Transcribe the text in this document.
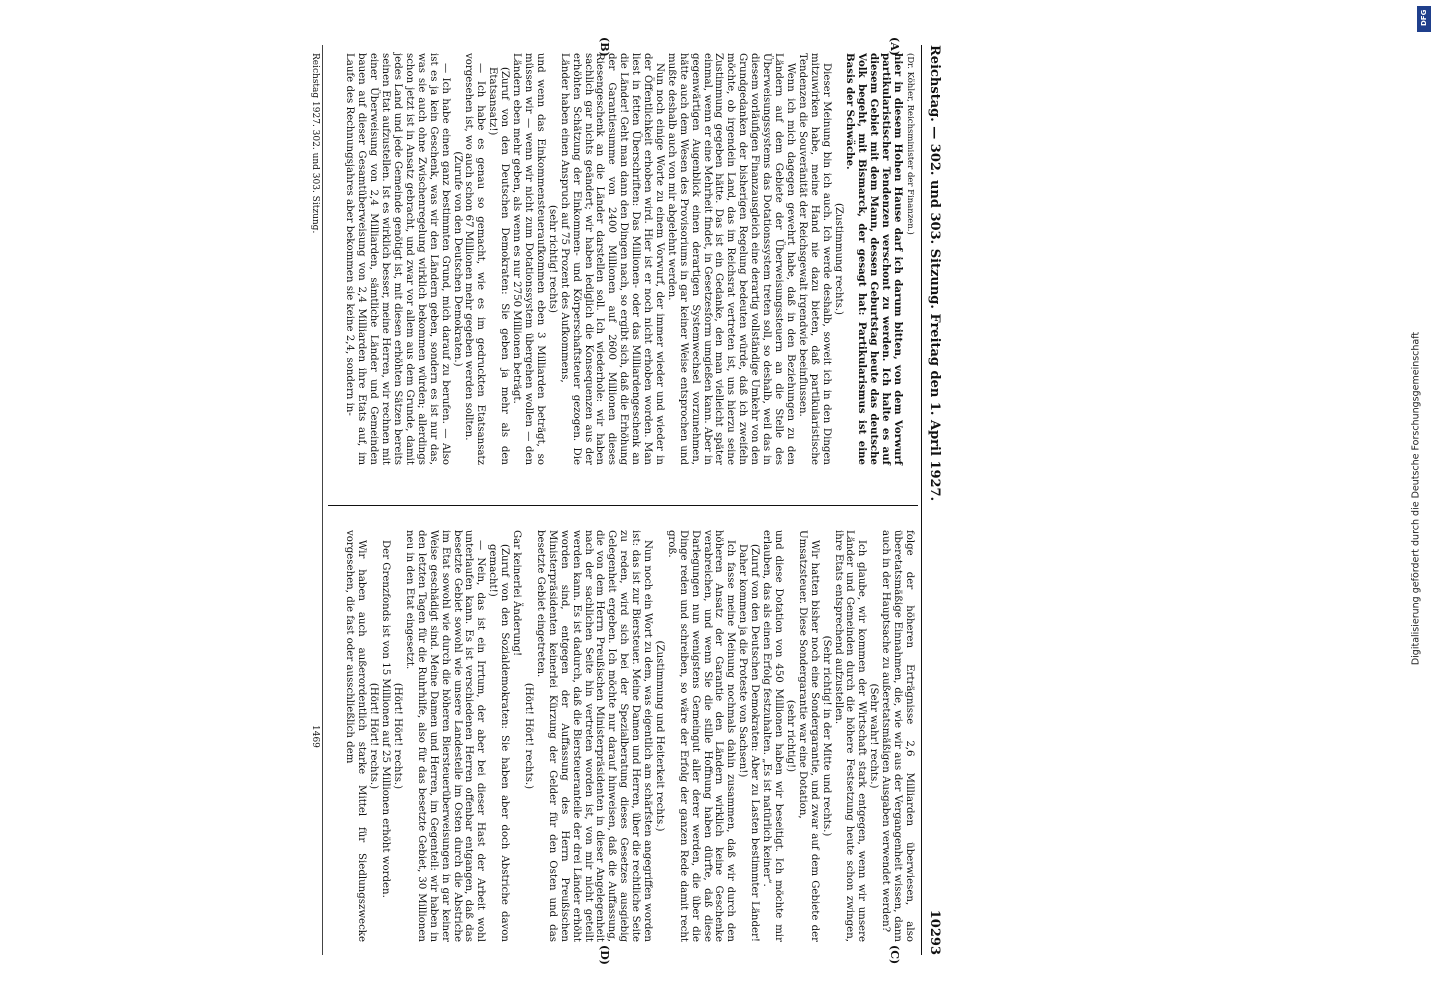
Reichstag. — 302. und 303. Sitzung. Freitag den 1. April 1927.
10293
(A)
(B)
(C)
(D)

(Dr. Köhler, Reichsminister der Finanzen.)

hier in diesem Hohen Hause darf ich darum bitten, von dem Vorwurf partikularistischer Tendenzen verschont zu werden. Ich halte es auf diesem Gebiet mit dem Mann, dessen Geburtstag heute das deutsche Volk begeht, mit Bismarck, der gesagt hat: Partikularismus ist eine Basis der Schwäche.

(Zustimmung rechts.)

Dieser Meinung bin ich auch. Ich werde deshalb, soweit ich in den Dingen mitzuwirken habe, meine Hand nie dazu bieten, daß partikularistische Tendenzen die Souveränität der Reichsgewalt irgendwie beeinflussen.

Wenn ich mich dagegen gewehrt habe, daß in den Beziehungen zu den Ländern auf dem Gebiete der Überweisungssteuern an die Stelle des Überweisungssystems das Dotationssystem treten soll, so deshalb, weil das in diesem vorläufigen Finanzausgleich eine derartig vollständige Umkehr von den Grundgedanken der bisherigen Regelung bedeuten würde, daß ich zweifeln möchte, ob irgendein Land, das im Reichsrat vertreten ist, uns hierzu seine Zustimmung gegeben hätte. Das ist ein Gedanke, den man vielleicht später einmal, wenn er eine Mehrheit findet, in Gesetzesform umgießen kann. Aber in gegenwärtigen Augenblick einen derartigen Systemwechsel vorzunehmen, hätte auch dem Wesen des Provisoriums in gar keiner Weise entsprochen und mußte deshalb auch von mir abgelehnt werden.

Nun noch einige Worte zu einem Vorwurf, der immer wieder und wieder in der Öffentlichkeit erhoben wird. Hier ist er noch nicht erhoben worden. Man liest in fetten Überschriften: Das Millionen- oder das Milliardengeschenk an die Länder! Geht man dann den Dingen nach, so ergibt sich, daß die Erhöhung der Garantiesumme von 2400 Millionen auf 2600 Millionen dieses Riesengeschenk an die Länder darstellen soll. Ich wiederhole: wir haben sachlich gar nichts geändert; wir haben lediglich die Konsequenzen aus der erhöhten Schätzung der Einkommen- und Körperschaftsteuer gezogen. Die Länder haben einen Anspruch auf 75 Prozent des Aufkommens,

(sehr richtig! rechts)

und wenn das Einkommensteueraufkommen eben 3 Milliarden beträgt, so müssen wir — wenn wir nicht zum Dotationssystem übergehen wollen — den Ländern eben mehr geben, als wenn es nur 2750 Millionen beträgt.

(Zuruf von den Deutschen Demokraten: Sie geben ja mehr als den Etatsansatz!)

— Ich habe es genau so gemacht, wie es im gedruckten Etatsansatz vorgesehen ist, wo auch schon 67 Millionen mehr gegeben werden sollten.

(Zurufe von den Deutschen Demokraten.)

— Ich habe einen ganz bestimmten Grund, mich darauf zu berufen. — Also ist es ja kein Geschenk, was wir den Ländern geben, sondern es ist nur das, was sie auch ohne Zwischenregelung wirklich bekommen würden; allerdings schon jetzt ist in Ansatz gebracht, und zwar vor allem aus dem Grunde, damit jedes Land und jede Gemeinde genötigt ist, mit diesen erhöhten Sätzen bereits seinen Etat aufzustellen. Ist es wirklich besser, meine Herren, wir rechnen mit einer Überweisung von 2,4 Milliarden, sämtliche Länder und Gemeinden bauen auf dieser Gesamtüberweisung von 2,4 Milliarden ihre Etats auf, im Laufe des Rechnungsjahres aber bekommen sie keine 2,4, sondern in-

folge der höheren Erträgnisse 2,6 Milliarden überwiesen, also überetatsmäßige Einnahmen, die, wie wir aus der Vergangenheit wissen, dann auch in der Hauptsache zu außeretatsmäßigen Ausgaben verwendet werden?

(Sehr wahr! rechts.)

Ich glaube, wir kommen der Wirtschaft stark entgegen, wenn wir unsere Länder und Gemeinden durch die höhere Festsetzung heute schon zwingen, ihre Etats entsprechend aufzustellen.

(Sehr richtig! in der Mitte und rechts.)

Wir hatten bisher noch eine Sondergarantie, und zwar auf dem Gebiete der Umsatzsteuer. Diese Sondergarantie war eine Dotation,

(sehr richtig!)

und diese Dotation von 450 Millionen haben wir beseitigt. Ich möchte mir erlauben, das als einen Erfolg festzuhalten. „Es ist natürlich keiner“.

(Zuruf von den Deutschen Demokraten: Aber zu Lasten bestimmter Länder! Daher kommen ja die Proteste von Sachsen!)

Ich fasse meine Meinung nochmals dahin zusammen, daß wir durch den höheren Ansatz der Garantie den Ländern wirklich keine Geschenke verabreichen, und wenn Sie die stille Hoffnung haben dürfte, daß diese Darlegungen nun wenigstens Gemeingut aller derer werden, die über die Dinge reden und schreiben, so wäre der Erfolg der ganzen Rede damit recht groß.

(Zustimmung und Heiterkeit rechts.)

Nun noch ein Wort zu dem, was eigentlich am schärfsten angegriffen worden ist: das ist zur Biersteuer. Meine Damen und Herren, über die rechtliche Seite zu reden, wird sich bei der Spezialberatung dieses Gesetzes ausgiebig Gelegenheit ergeben. Ich möchte nur darauf hinweisen, daß die Auffassung, die von dem Herrn Preußischen Ministerpräsidenten in dieser Angelegenheit nach der sachlichen Seite hin vertreten worden ist, von mir nicht geteilt werden kann. Es ist dadurch, daß die Biersteueranteile der drei Länder erhöht worden sind, entgegen der Auffassung des Herrn Preußischen Ministerpräsidenten keinerlei Kürzung der Gelder für den Osten und das besetzte Gebiet eingetreten.

(Hört! Hört! rechts.)

Gar keinerlei Änderung!

(Zuruf von den Sozialdemokraten: Sie haben aber doch Abstriche davon gemacht!)

— Nein, das ist ein Irrtum, der aber bei dieser Hast der Arbeit wohl unterlaufen kann. Es ist verschiedenen Herren offenbar entgangen, daß das besetzte Gebiet sowohl wie unsere Landesteile im Osten durch die Abstriche im Etat sowohl wie durch die höheren Biersteuerüberweisungen in gar keiner Weise geschädigt sind. Meine Damen und Herren, im Gegenteil: wir haben in den letzten Tagen für die Ruhrhilfe, also für das besetzte Gebiet, 30 Millionen neu in den Etat eingesetzt.

(Hört! Hört! rechts.)

Der Grenzfonds ist von 15 Millionen auf 25 Millionen erhöht worden.

(Hört! Hört! rechts.)

Wir haben auch außerordentlich starke Mittel für Siedlungszwecke vorgesehen, die fast oder ausschließlich dem

Reichstag 1927. 302. und 303. Sitzung.
1469
Digitalisierung gefördert durch die Deutsche Forschungsgemeinschaft
DFG
